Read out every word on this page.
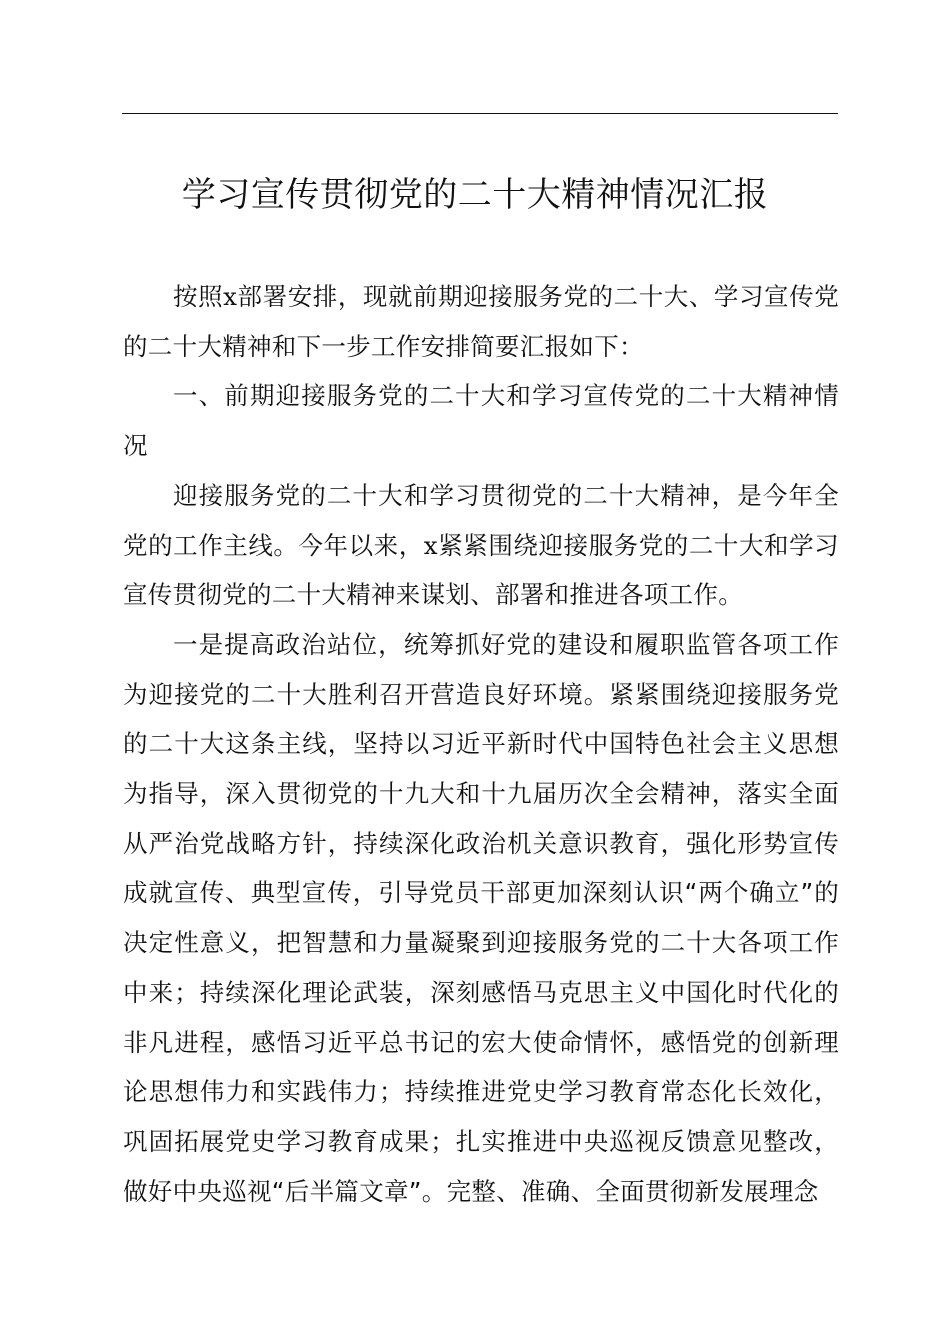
学习宣传贯彻党的二十大精神情况汇报

按照x部署安排，现就前期迎接服务党的二十大、学习宣传党的二十大精神和下一步工作安排简要汇报如下：

一、前期迎接服务党的二十大和学习宣传党的二十大精神情况

迎接服务党的二十大和学习贯彻党的二十大精神，是今年全党的工作主线。今年以来，x紧紧围绕迎接服务党的二十大和学习宣传贯彻党的二十大精神来谋划、部署和推进各项工作。

一是提高政治站位，统筹抓好党的建设和履职监管各项工作为迎接党的二十大胜利召开营造良好环境。紧紧围绕迎接服务党的二十大这条主线，坚持以习近平新时代中国特色社会主义思想为指导，深入贯彻党的十九大和十九届历次全会精神，落实全面从严治党战略方针，持续深化政治机关意识教育，强化形势宣传成就宣传、典型宣传，引导党员干部更加深刻认识“两个确立”的决定性意义，把智慧和力量凝聚到迎接服务党的二十大各项工作中来；持续深化理论武装，深刻感悟马克思主义中国化时代化的非凡进程，感悟习近平总书记的宏大使命情怀，感悟党的创新理论思想伟力和实践伟力；持续推进党史学习教育常态化长效化，巩固拓展党史学习教育成果；扎实推进中央巡视反馈意见整改，做好中央巡视“后半篇文章”。完整、准确、全面贯彻新发展理念
